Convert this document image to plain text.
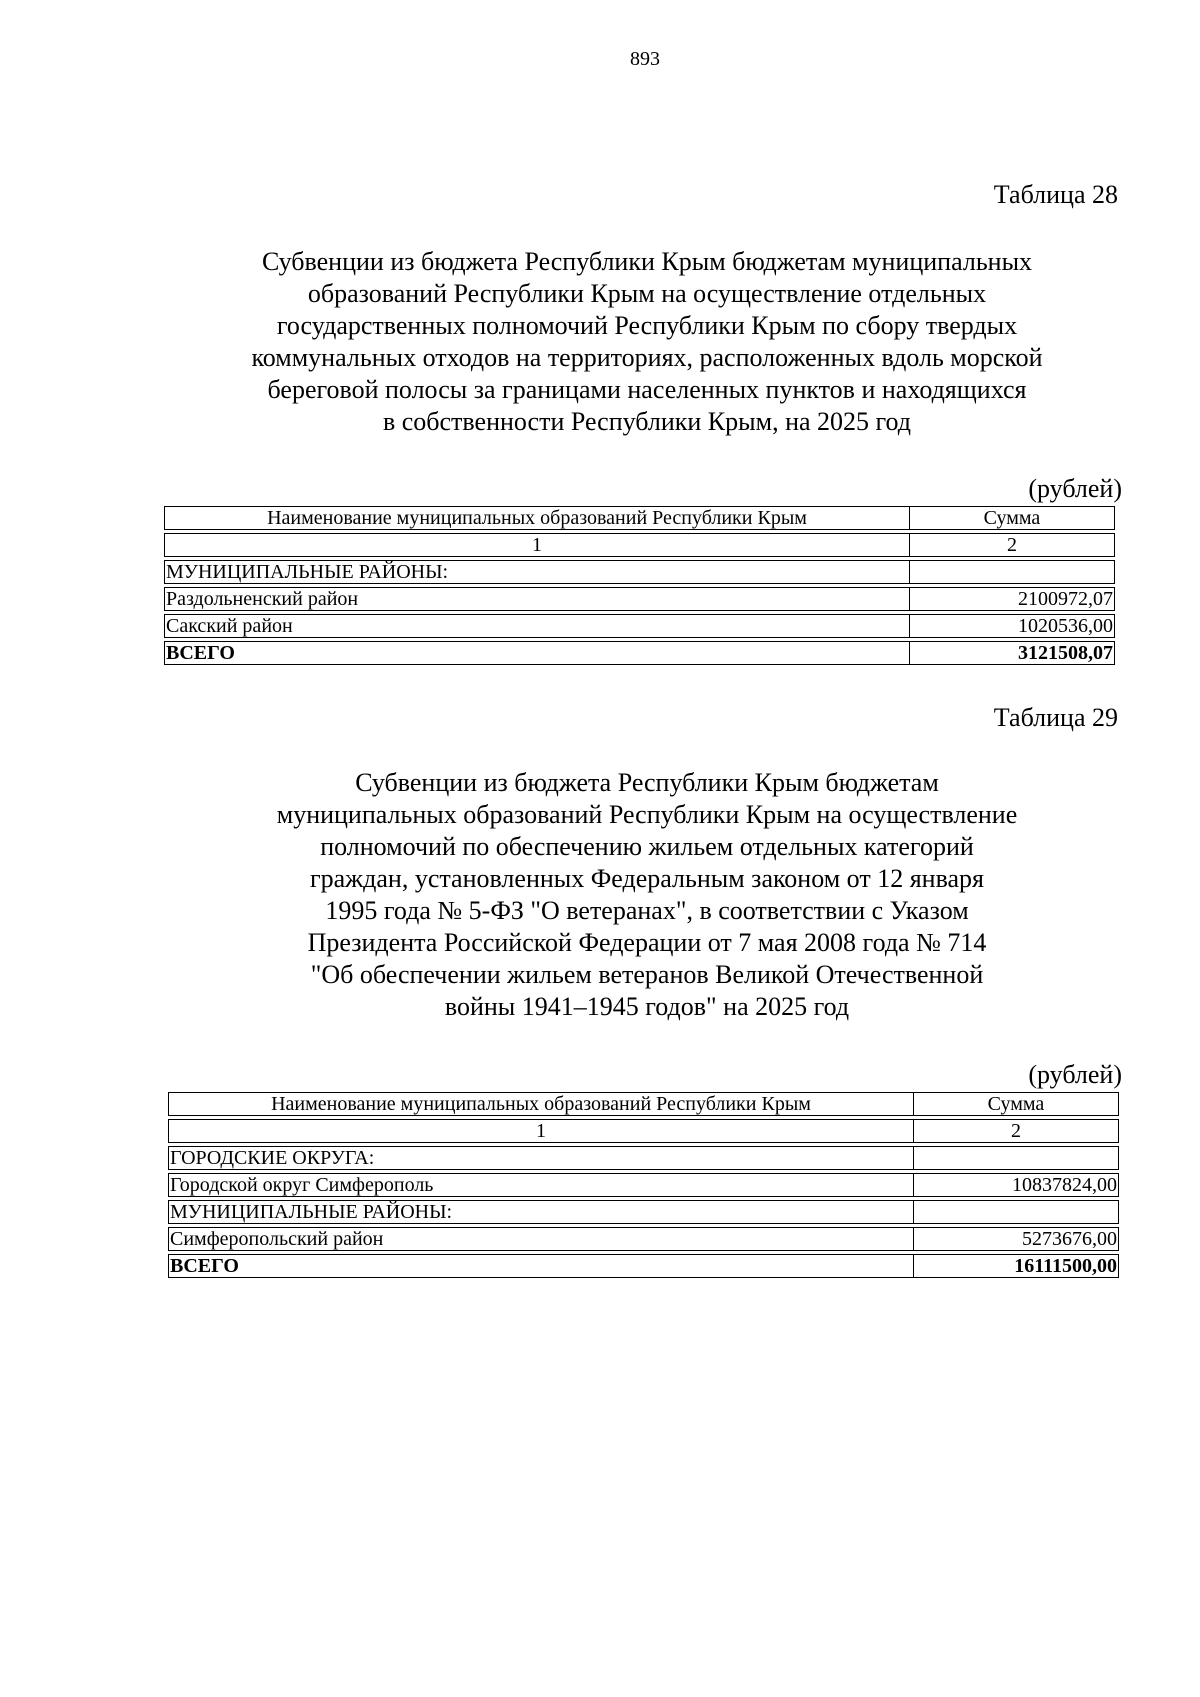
893
Таблица 28
Субвенции из бюджета Республики Крым бюджетам муниципальных
образований Республики Крым на осуществление отдельных
государственных полномочий Республики Крым по сбору твердых
коммунальных отходов на территориях, расположенных вдоль морской
береговой полосы за границами населенных пунктов и находящихся
в собственности Республики Крым, на 2025 год
(рублей)
Наименование муниципальных образований Республики Крым	Сумма
1	2
МУНИЦИПАЛЬНЫЕ РАЙОНЫ:	
Раздольненский район	2100972,07
Сакский район	1020536,00
ВСЕГО	3121508,07
Таблица 29
Субвенции из бюджета Республики Крым бюджетам
муниципальных образований Республики Крым на осуществление
полномочий по обеспечению жильем отдельных категорий
граждан, установленных Федеральным законом от 12 января
1995 года № 5-ФЗ "О ветеранах", в соответствии с Указом
Президента Российской Федерации от 7 мая 2008 года № 714
"Об обеспечении жильем ветеранов Великой Отечественной
войны 1941–1945 годов" на 2025 год
(рублей)
Наименование муниципальных образований Республики Крым	Сумма
1	2
ГОРОДСКИЕ ОКРУГА:	
Городской округ Симферополь	10837824,00
МУНИЦИПАЛЬНЫЕ РАЙОНЫ:	
Симферопольский район	5273676,00
ВСЕГО	16111500,00
